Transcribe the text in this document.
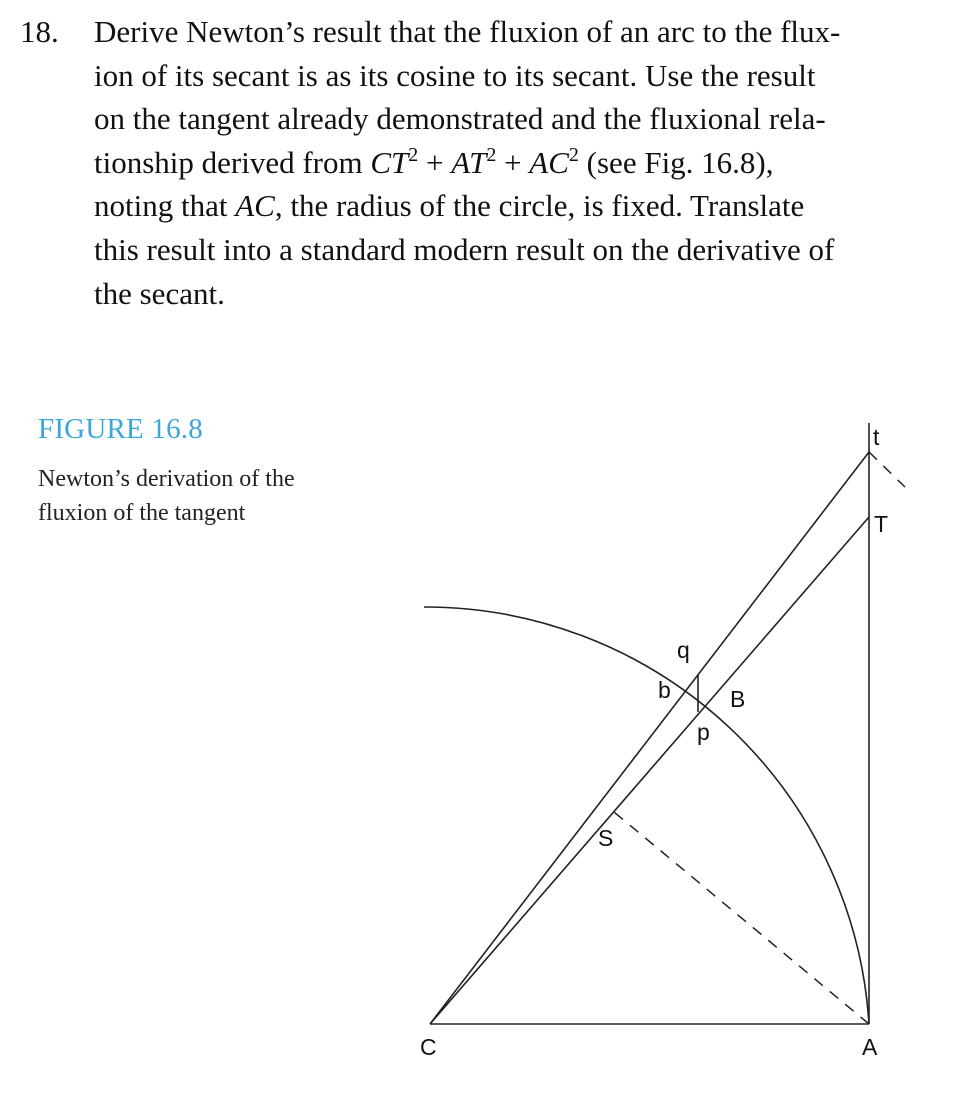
18. Derive Newton’s result that the fluxion of an arc to the flux-
ion of its secant is as its cosine to its secant. Use the result
on the tangent already demonstrated and the fluxional rela-
tionship derived from $CT^2 + AT^2 + AC^2$ (see Fig. 16.8),
noting that AC, the radius of the circle, is fixed. Translate
this result into a standard modern result on the derivative of
the secant.
FIGURE 16.8
Newton’s derivation of the
fluxion of the tangent
t
T
q
b	B
p
S
C	A
